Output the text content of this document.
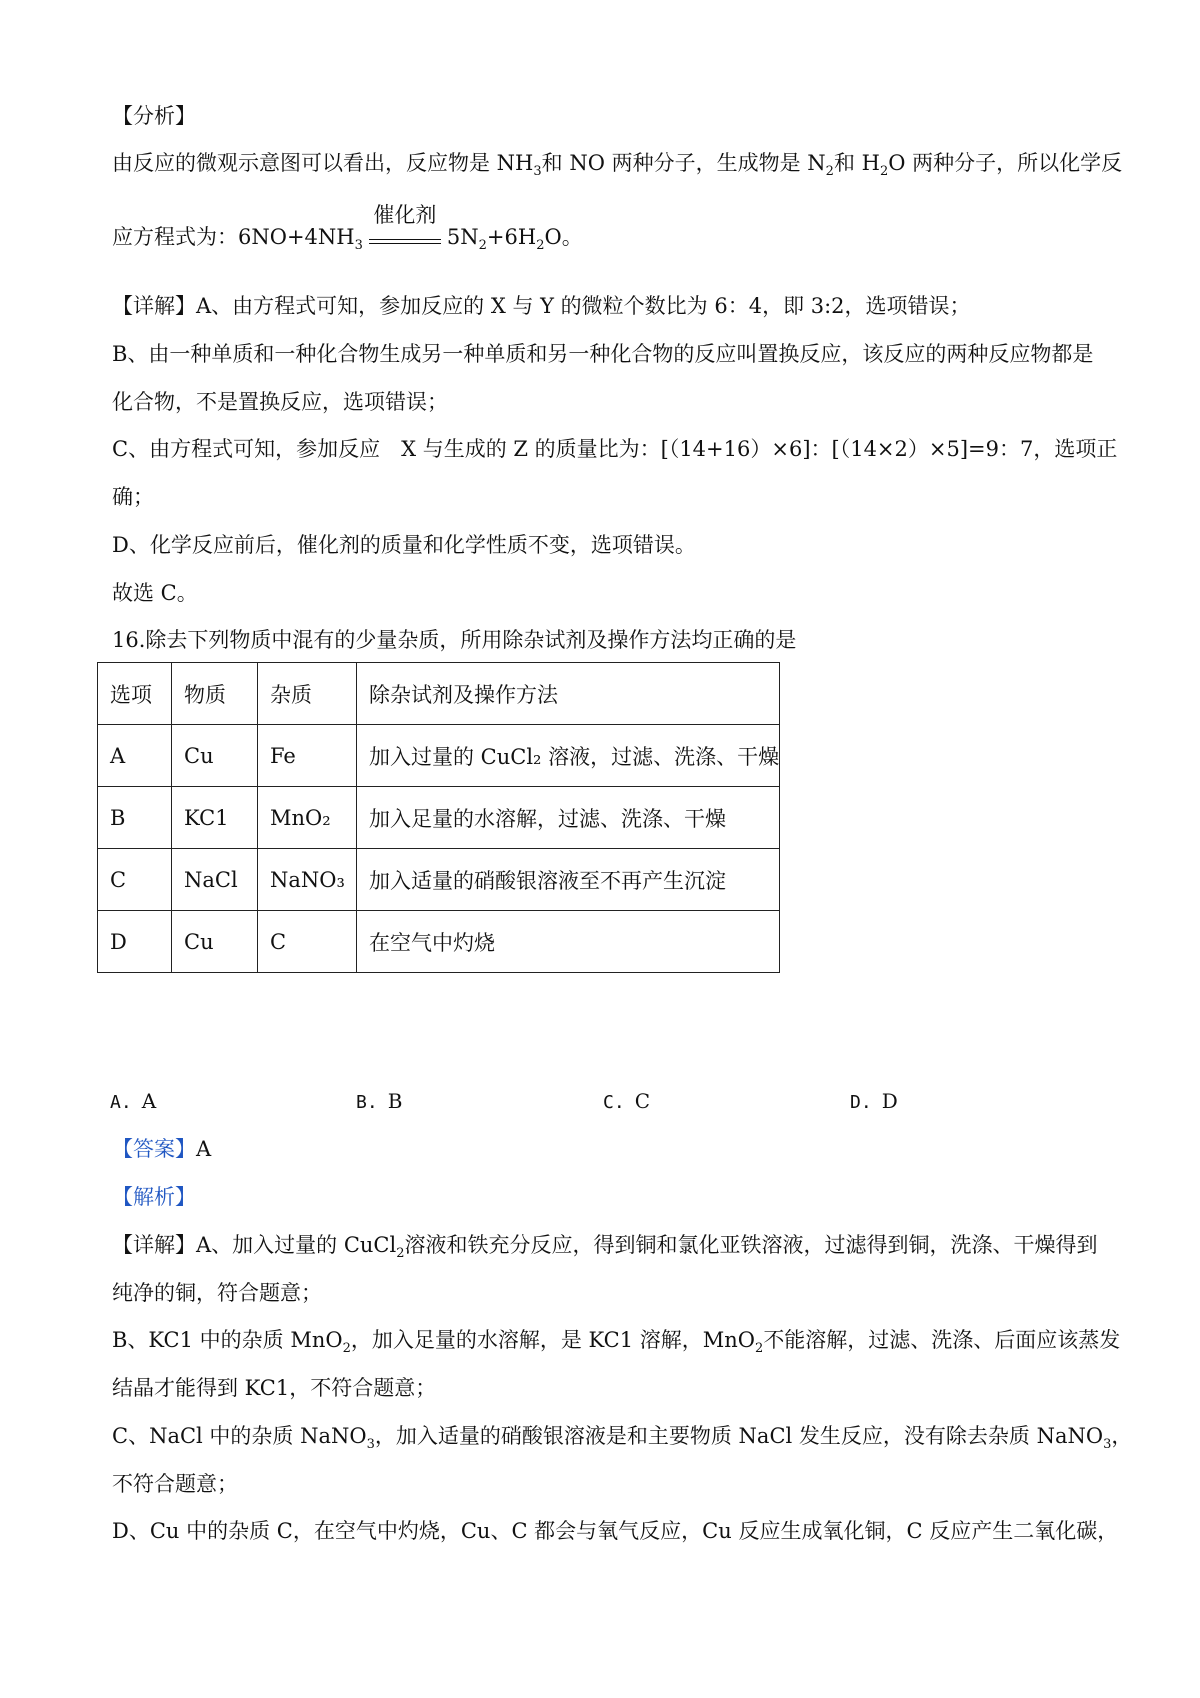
【分析】
由反应的微观示意图可以看出，反应物是 $NH_3$和 NO 两种分子，生成物是 $N_2$和 $H_2O$ 两种分子，所以化学反
应方程式为：$6NO+4NH_3$
催化剂
$5N_2+6H_2O$。
【详解】A、由方程式可知，参加反应的 X 与 Y 的微粒个数比为 6：4，即 3:2，选项错误；
B、由一种单质和一种化合物生成另一种单质和另一种化合物的反应叫置换反应，该反应的两种反应物都是
化合物，不是置换反应，选项错误；
C、由方程式可知，参加反应　X 与生成的 Z 的质量比为：[（14+16）×6]：[（14×2）×5]=9：7，选项正
确；
D、化学反应前后，催化剂的质量和化学性质不变，选项错误。
故选 C。
16.除去下列物质中混有的少量杂质，所用除杂试剂及操作方法均正确的是
选项	物质	杂质	除杂试剂及操作方法
A	Cu	Fe	加入过量的 CuCl₂ 溶液，过滤、洗涤、干燥
B	KC1	MnO₂	加入足量的水溶解，过滤、洗涤、干燥
C	NaCl	NaNO₃	加入适量的硝酸银溶液至不再产生沉淀
D	Cu	C	在空气中灼烧
A. A	B. B	C. C	D. D
【答案】A
【解析】
【详解】A、加入过量的 CuCl$_2$溶液和铁充分反应，得到铜和氯化亚铁溶液，过滤得到铜，洗涤、干燥得到
纯净的铜，符合题意；
B、KC1 中的杂质 MnO$_2$，加入足量的水溶解，是 KC1 溶解，MnO$_2$不能溶解，过滤、洗涤、后面应该蒸发
结晶才能得到 KC1，不符合题意；
C、NaCl 中的杂质 NaNO$_3$，加入适量的硝酸银溶液是和主要物质 NaCl 发生反应，没有除去杂质 NaNO$_3$，
不符合题意；
D、Cu 中的杂质 C，在空气中灼烧，Cu、C 都会与氧气反应，Cu 反应生成氧化铜，C 反应产生二氧化碳，
